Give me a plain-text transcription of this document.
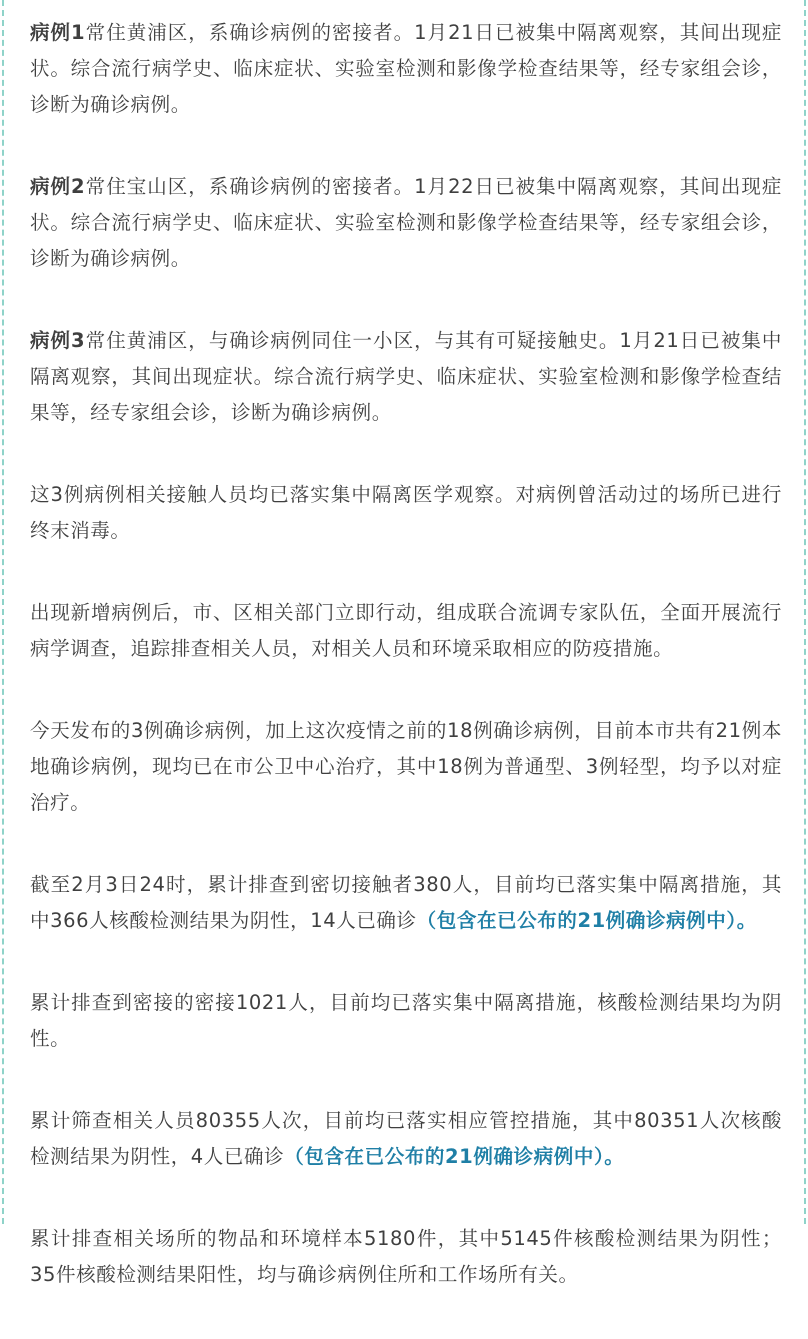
病例1常住黄浦区，系确诊病例的密接者。1月21日已被集中隔离观察，其间出现症状。综合流行病学史、临床症状、实验室检测和影像学检查结果等，经专家组会诊，诊断为确诊病例。

病例2常住宝山区，系确诊病例的密接者。1月22日已被集中隔离观察，其间出现症状。综合流行病学史、临床症状、实验室检测和影像学检查结果等，经专家组会诊，诊断为确诊病例。

病例3常住黄浦区，与确诊病例同住一小区，与其有可疑接触史。1月21日已被集中隔离观察，其间出现症状。综合流行病学史、临床症状、实验室检测和影像学检查结果等，经专家组会诊，诊断为确诊病例。

这3例病例相关接触人员均已落实集中隔离医学观察。对病例曾活动过的场所已进行终末消毒。

出现新增病例后，市、区相关部门立即行动，组成联合流调专家队伍，全面开展流行病学调查，追踪排查相关人员，对相关人员和环境采取相应的防疫措施。

今天发布的3例确诊病例，加上这次疫情之前的18例确诊病例，目前本市共有21例本地确诊病例，现均已在市公卫中心治疗，其中18例为普通型、3例轻型，均予以对症治疗。

截至2月3日24时，累计排查到密切接触者380人，目前均已落实集中隔离措施，其中366人核酸检测结果为阴性，14人已确诊（包含在已公布的21例确诊病例中）。

累计排查到密接的密接1021人，目前均已落实集中隔离措施，核酸检测结果均为阴性。

累计筛查相关人员80355人次，目前均已落实相应管控措施，其中80351人次核酸检测结果为阴性，4人已确诊（包含在已公布的21例确诊病例中）。

累计排查相关场所的物品和环境样本5180件，其中5145件核酸检测结果为阴性；35件核酸检测结果阳性，均与确诊病例住所和工作场所有关。
